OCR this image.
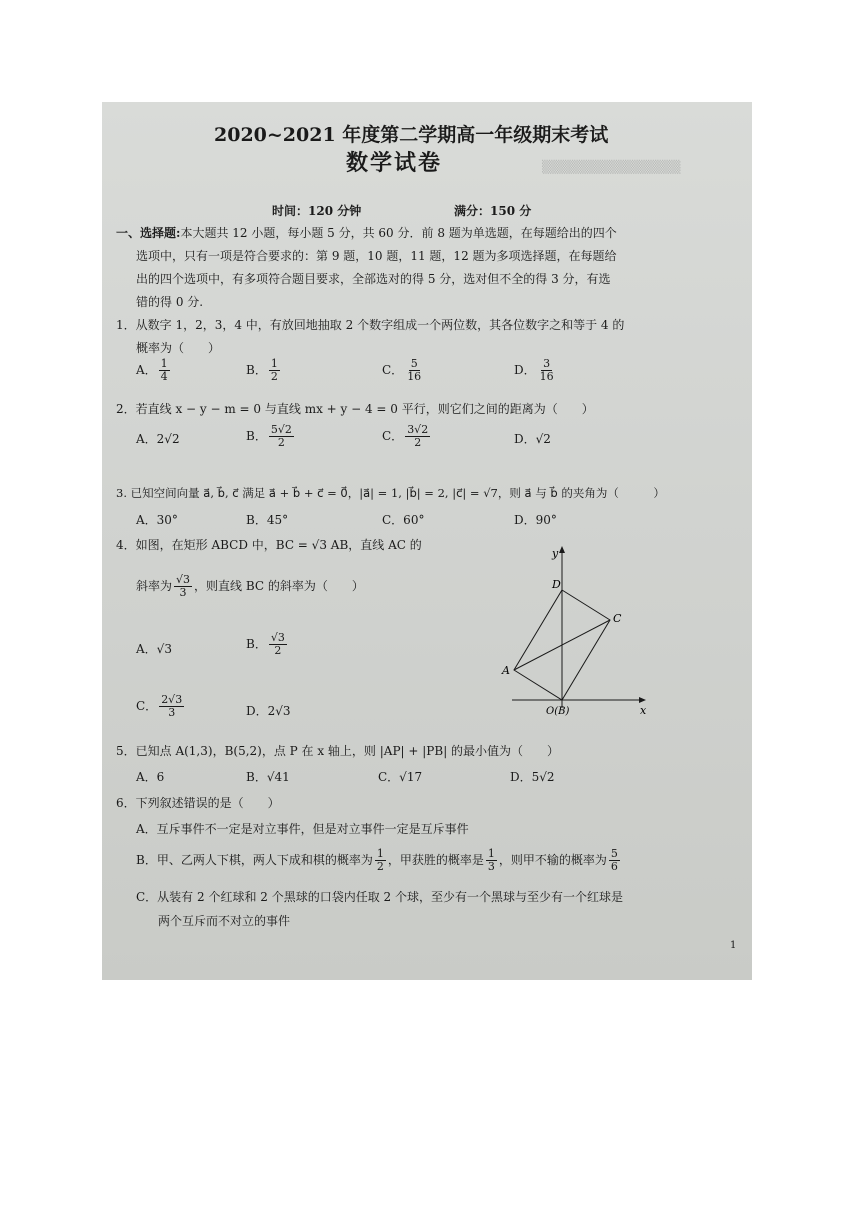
▒▒▒▒▒▒▒▒▒▒▒▒▒▒▒
2020~2021 年度第二学期高一年级期末考试
数学试卷
时间：120 分钟	满分：150 分
一、选择题:本大题共 12 小题，每小题 5 分，共 60 分．前 8 题为单选题，在每题给出的四个
选项中，只有一项是符合要求的：第 9 题，10 题，11 题，12 题为多项选择题，在每题给
出的四个选项中，有多项符合题目要求，全部选对的得 5 分，选对但不全的得 3 分，有选
错的得 0 分.
1．从数字 1，2，3，4 中，有放回地抽取 2 个数字组成一个两位数，其各位数字之和等于 4 的
概率为（　　）
A． $\frac{1}{4}$	B． $\frac{1}{2}$	C． $\frac{5}{16}$	D． $\frac{3}{16}$
2．若直线 x − y − m = 0 与直线 mx + y − 4 = 0 平行，则它们之间的距离为（　　）
A．2√2	B． $\frac{5√2}{2}$	C． $\frac{3√2}{2}$	D．√2
3. 已知空间向量 a⃗, b⃗, c⃗ 满足 a⃗ + b⃗ + c⃗ = 0⃗，|a⃗| = 1, |b⃗| = 2, |c⃗| = √7，则 a⃗ 与 b⃗ 的夹角为（　　　）
A．30°	B．45°	C．60°	D．90°
4．如图，在矩形 ABCD 中，BC = √3 AB，直线 AC 的
斜率为 $\frac{√3}{3}$ ，则直线 BC 的斜率为（　　）
A．√3	B． $\frac{√3}{2}$
C． $\frac{2√3}{3}$	D．2√3
y
x
D
C
A
O(B)
5．已知点 A(1,3)，B(5,2)，点 P 在 x 轴上，则 |AP| + |PB| 的最小值为（　　）
A．6	B．√41	C．√17	D．5√2
6．下列叙述错误的是（　　）
A．互斥事件不一定是对立事件，但是对立事件一定是互斥事件
B．甲、乙两人下棋，两人下成和棋的概率为 $\frac{1}{2}$ ，甲获胜的概率是 $\frac{1}{3}$ ，则甲不输的概率为 $\frac{5}{6}$
C．从装有 2 个红球和 2 个黑球的口袋内任取 2 个球，至少有一个黑球与至少有一个红球是
两个互斥而不对立的事件
1
